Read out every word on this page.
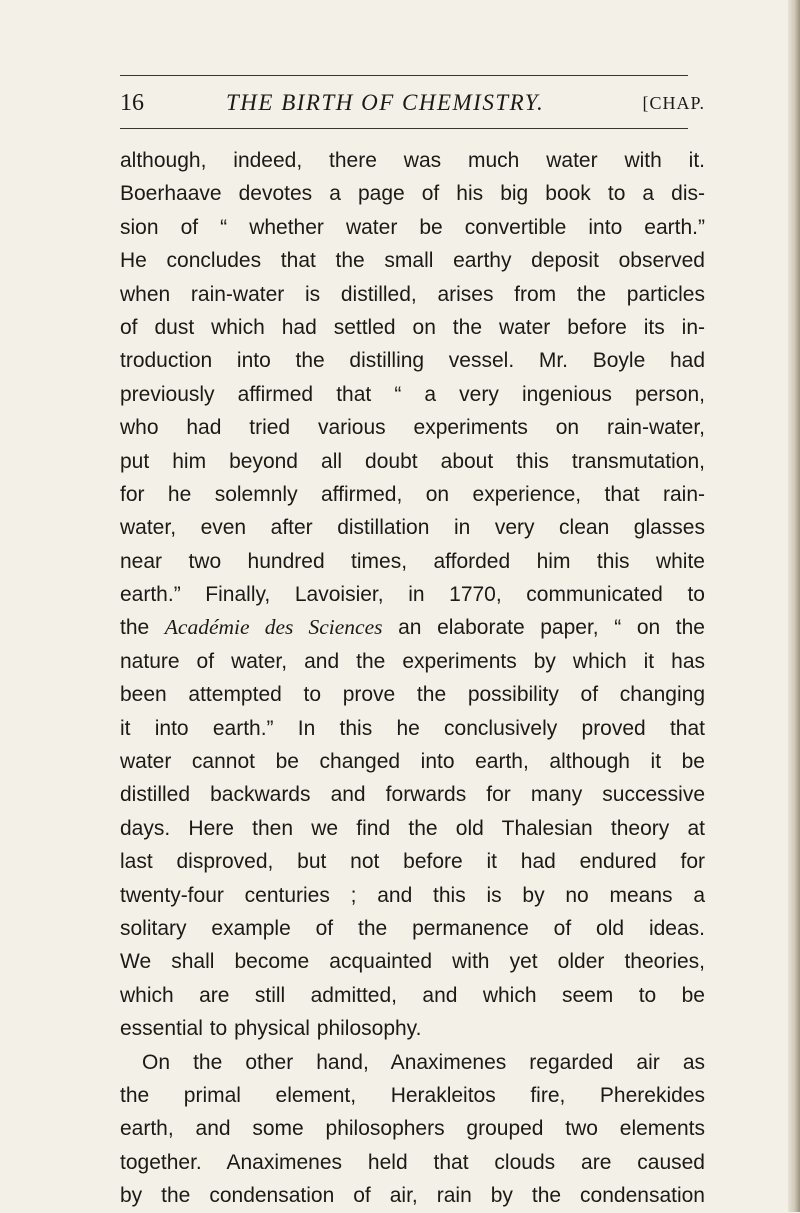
16	THE BIRTH OF CHEMISTRY.	[CHAP.
although, indeed, there was much water with it.
Boerhaave devotes a page of his big book to a dis-
sion of “ whether water be convertible into earth.”
He concludes that the small earthy deposit observed
when rain-water is distilled, arises from the particles
of dust which had settled on the water before its in-
troduction into the distilling vessel. Mr. Boyle had
previously affirmed that “ a very ingenious person,
who had tried various experiments on rain-water,
put him beyond all doubt about this transmutation,
for he solemnly affirmed, on experience, that rain-
water, even after distillation in very clean glasses
near two hundred times, afforded him this white
earth.” Finally, Lavoisier, in 1770, communicated to
the Académie des Sciences an elaborate paper, “ on the
nature of water, and the experiments by which it has
been attempted to prove the possibility of changing
it into earth.” In this he conclusively proved that
water cannot be changed into earth, although it be
distilled backwards and forwards for many successive
days. Here then we find the old Thalesian theory at
last disproved, but not before it had endured for
twenty-four centuries ; and this is by no means a
solitary example of the permanence of old ideas.
We shall become acquainted with yet older theories,
which are still admitted, and which seem to be
essential to physical philosophy.
On the other hand, Anaximenes regarded air as
the primal element, Herakleitos fire, Pherekides
earth, and some philosophers grouped two elements
together. Anaximenes held that clouds are caused
by the condensation of air, rain by the condensation
